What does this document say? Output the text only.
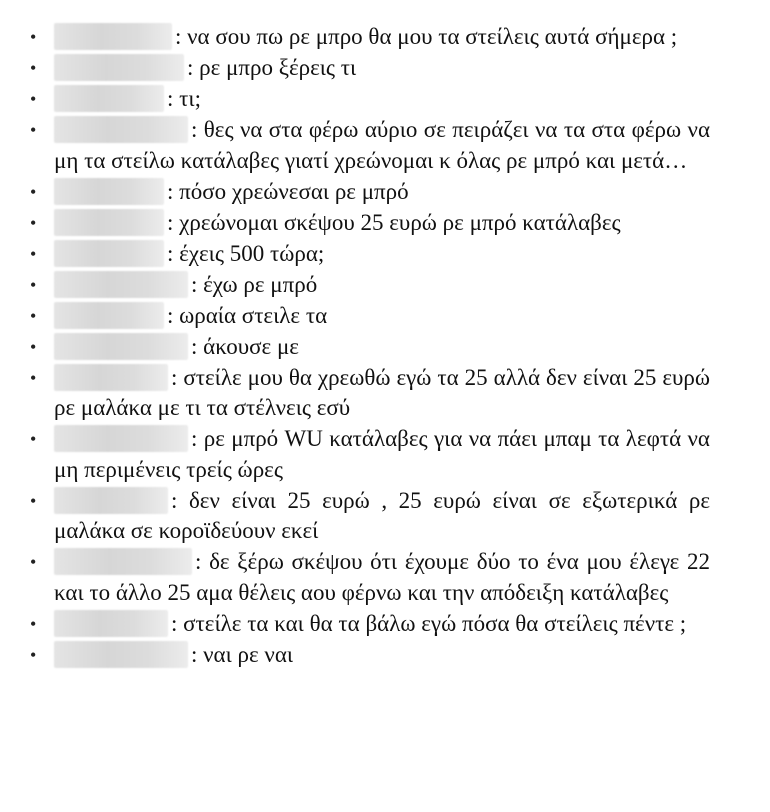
•	: να σου πω ρε μπρο θα μου τα στείλεις αυτά σήμερα ;
•	: ρε μπρο ξέρεις τι
•	: τι;
•	: θες να στα φέρω αύριο σε πειράζει να τα στα φέρω να μη τα στείλω κατάλαβες γιατί χρεώνομαι κ όλας ρε μπρό και μετά…
•	: πόσο χρεώνεσαι ρε μπρό
•	: χρεώνομαι σκέψου 25 ευρώ ρε μπρό κατάλαβες
•	: έχεις 500 τώρα;
•	: έχω ρε μπρό
•	: ωραία στειλε τα
•	: άκουσε με
•	: στείλε μου θα χρεωθώ εγώ τα 25 αλλά δεν είναι 25 ευρώ ρε μαλάκα με τι τα στέλνεις εσύ
•	: ρε μπρό WU κατάλαβες για να πάει μπαμ τα λεφτά να μη περιμένεις τρείς ώρες
•	: δεν είναι 25 ευρώ , 25 ευρώ είναι σε εξωτερικά ρε μαλάκα σε κοροϊδεύουν εκεί
•	: δε ξέρω σκέψου ότι έχουμε δύο το ένα μου έλεγε 22 και το άλλο 25 αμα θέλεις αου φέρνω και την απόδειξη κατάλαβες
•	: στείλε τα και θα τα βάλω εγώ πόσα θα στείλεις πέντε ;
•	: ναι ρε ναι
